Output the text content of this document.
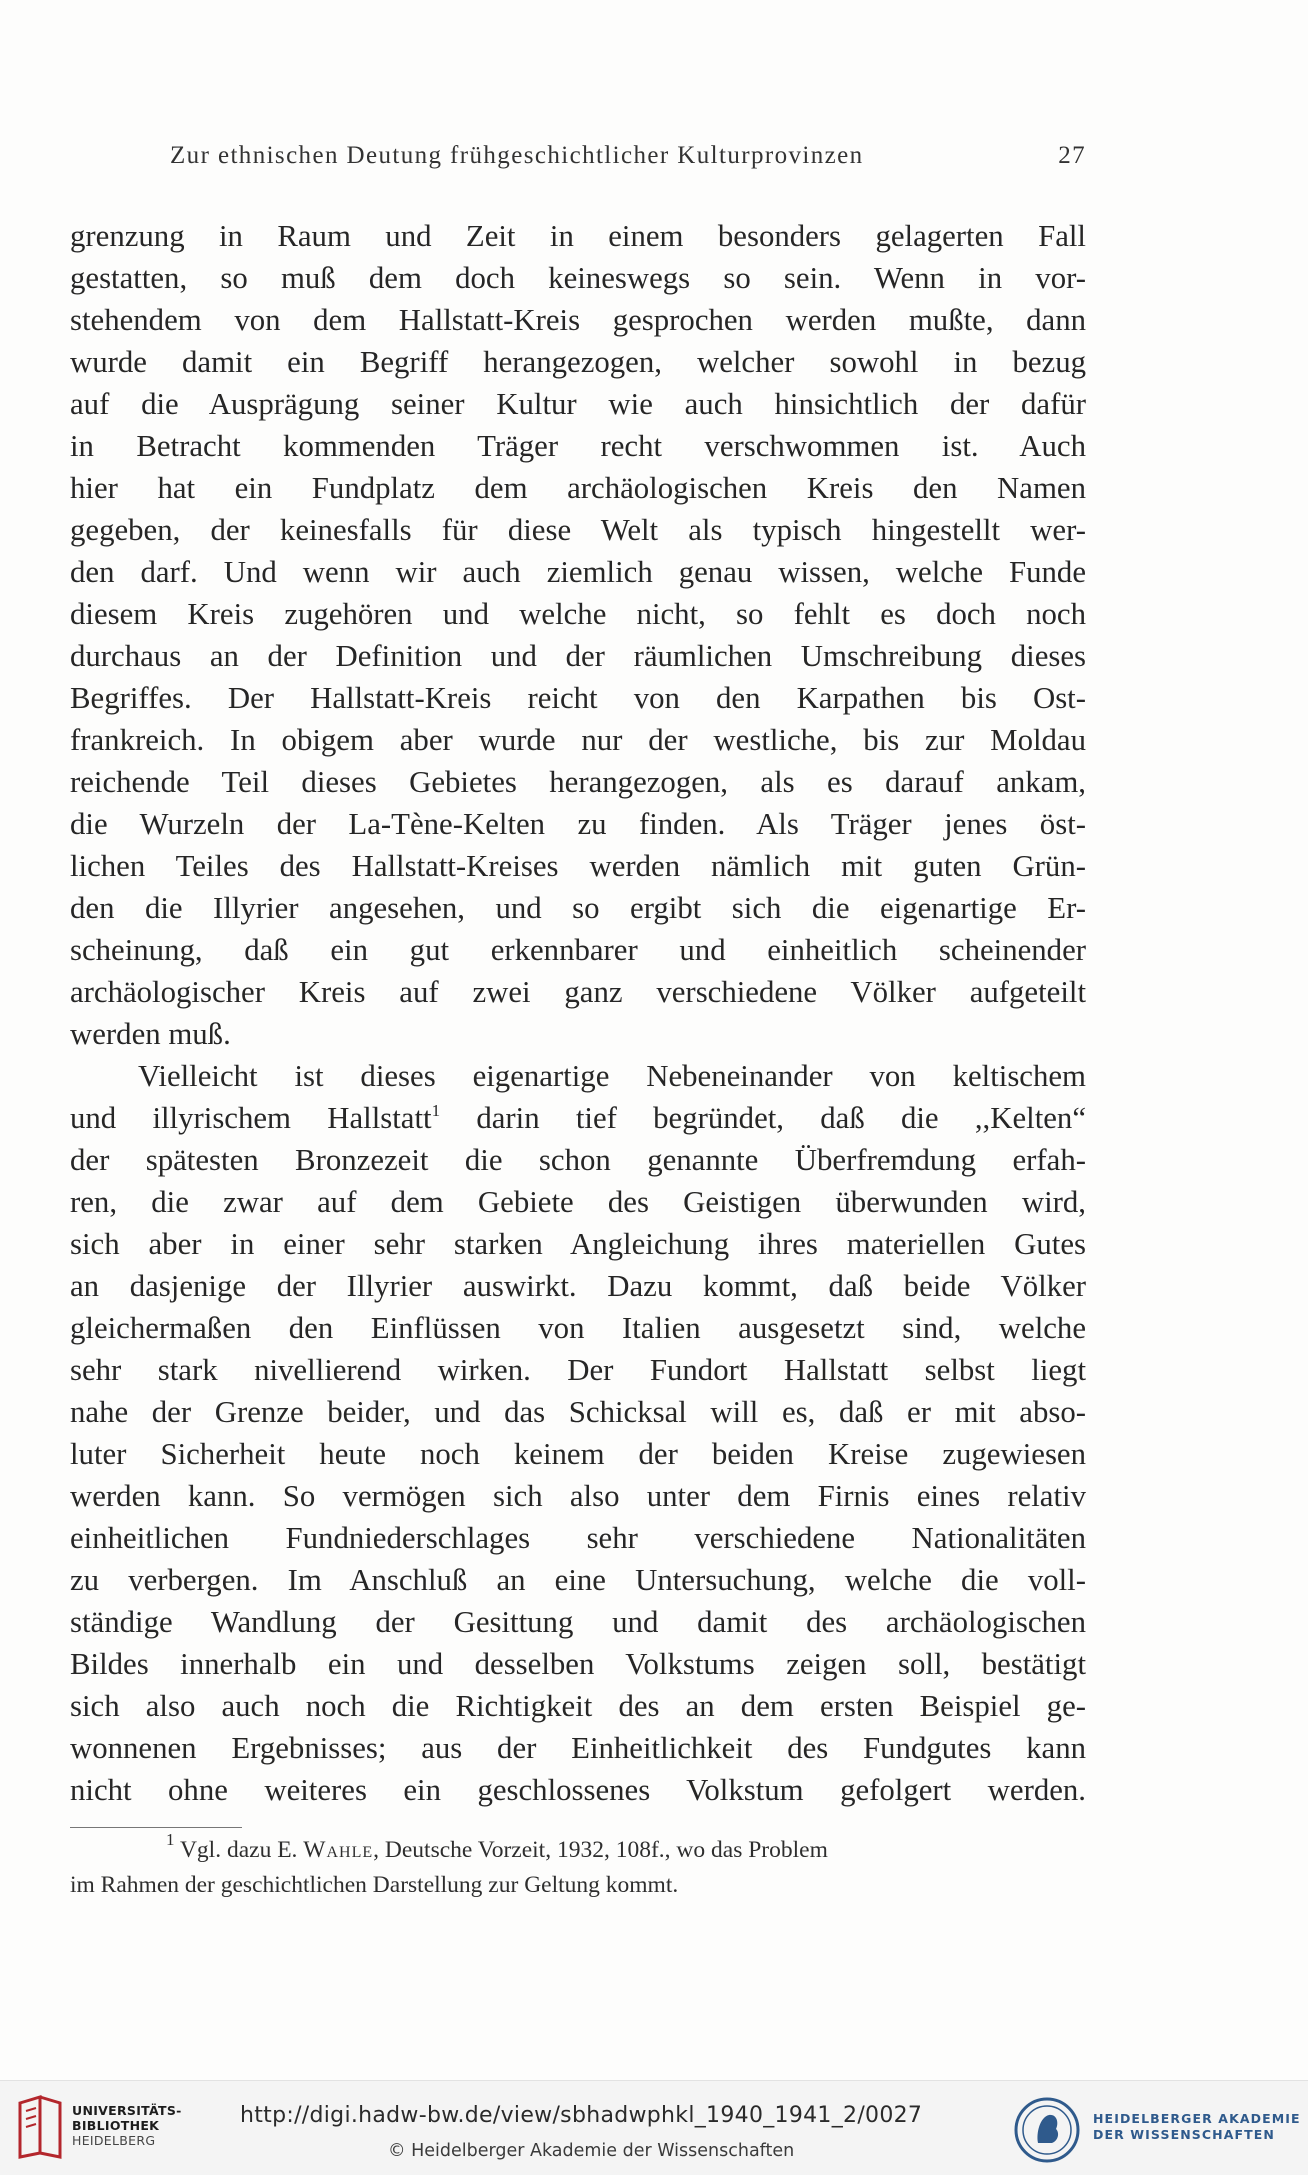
Zur ethnischen Deutung frühgeschichtlicher Kulturprovinzen	27
grenzung in Raum und Zeit in einem besonders gelagerten Fall
gestatten, so muß dem doch keineswegs so sein. Wenn in vor-
stehendem von dem Hallstatt-Kreis gesprochen werden mußte, dann
wurde damit ein Begriff herangezogen, welcher sowohl in bezug
auf die Ausprägung seiner Kultur wie auch hinsichtlich der dafür
in Betracht kommenden Träger recht verschwommen ist. Auch
hier hat ein Fundplatz dem archäologischen Kreis den Namen
gegeben, der keinesfalls für diese Welt als typisch hingestellt wer-
den darf. Und wenn wir auch ziemlich genau wissen, welche Funde
diesem Kreis zugehören und welche nicht, so fehlt es doch noch
durchaus an der Definition und der räumlichen Umschreibung dieses
Begriffes. Der Hallstatt-Kreis reicht von den Karpathen bis Ost-
frankreich. In obigem aber wurde nur der westliche, bis zur Moldau
reichende Teil dieses Gebietes herangezogen, als es darauf ankam,
die Wurzeln der La-Tène-Kelten zu finden. Als Träger jenes öst-
lichen Teiles des Hallstatt-Kreises werden nämlich mit guten Grün-
den die Illyrier angesehen, und so ergibt sich die eigenartige Er-
scheinung, daß ein gut erkennbarer und einheitlich scheinender
archäologischer Kreis auf zwei ganz verschiedene Völker aufgeteilt
werden muß.
Vielleicht ist dieses eigenartige Nebeneinander von keltischem
und illyrischem Hallstatt$^1$ darin tief begründet, daß die ,,Kelten“
der spätesten Bronzezeit die schon genannte Überfremdung erfah-
ren, die zwar auf dem Gebiete des Geistigen überwunden wird,
sich aber in einer sehr starken Angleichung ihres materiellen Gutes
an dasjenige der Illyrier auswirkt. Dazu kommt, daß beide Völker
gleichermaßen den Einflüssen von Italien ausgesetzt sind, welche
sehr stark nivellierend wirken. Der Fundort Hallstatt selbst liegt
nahe der Grenze beider, und das Schicksal will es, daß er mit abso-
luter Sicherheit heute noch keinem der beiden Kreise zugewiesen
werden kann. So vermögen sich also unter dem Firnis eines relativ
einheitlichen Fundniederschlages sehr verschiedene Nationalitäten
zu verbergen. Im Anschluß an eine Untersuchung, welche die voll-
ständige Wandlung der Gesittung und damit des archäologischen
Bildes innerhalb ein und desselben Volkstums zeigen soll, bestätigt
sich also auch noch die Richtigkeit des an dem ersten Beispiel ge-
wonnenen Ergebnisses; aus der Einheitlichkeit des Fundgutes kann
nicht ohne weiteres ein geschlossenes Volkstum gefolgert werden.
$^1$ Vgl. dazu E. Wahle, Deutsche Vorzeit, 1932, 108f., wo das Problem
im Rahmen der geschichtlichen Darstellung zur Geltung kommt.
UNIVERSITÄTS-
BIBLIOTHEK
HEIDELBERG
http://digi.hadw-bw.de/view/sbhadwphkl_1940_1941_2/0027
© Heidelberger Akademie der Wissenschaften
HEIDELBERGER AKADEMIE
DER WISSENSCHAFTEN
